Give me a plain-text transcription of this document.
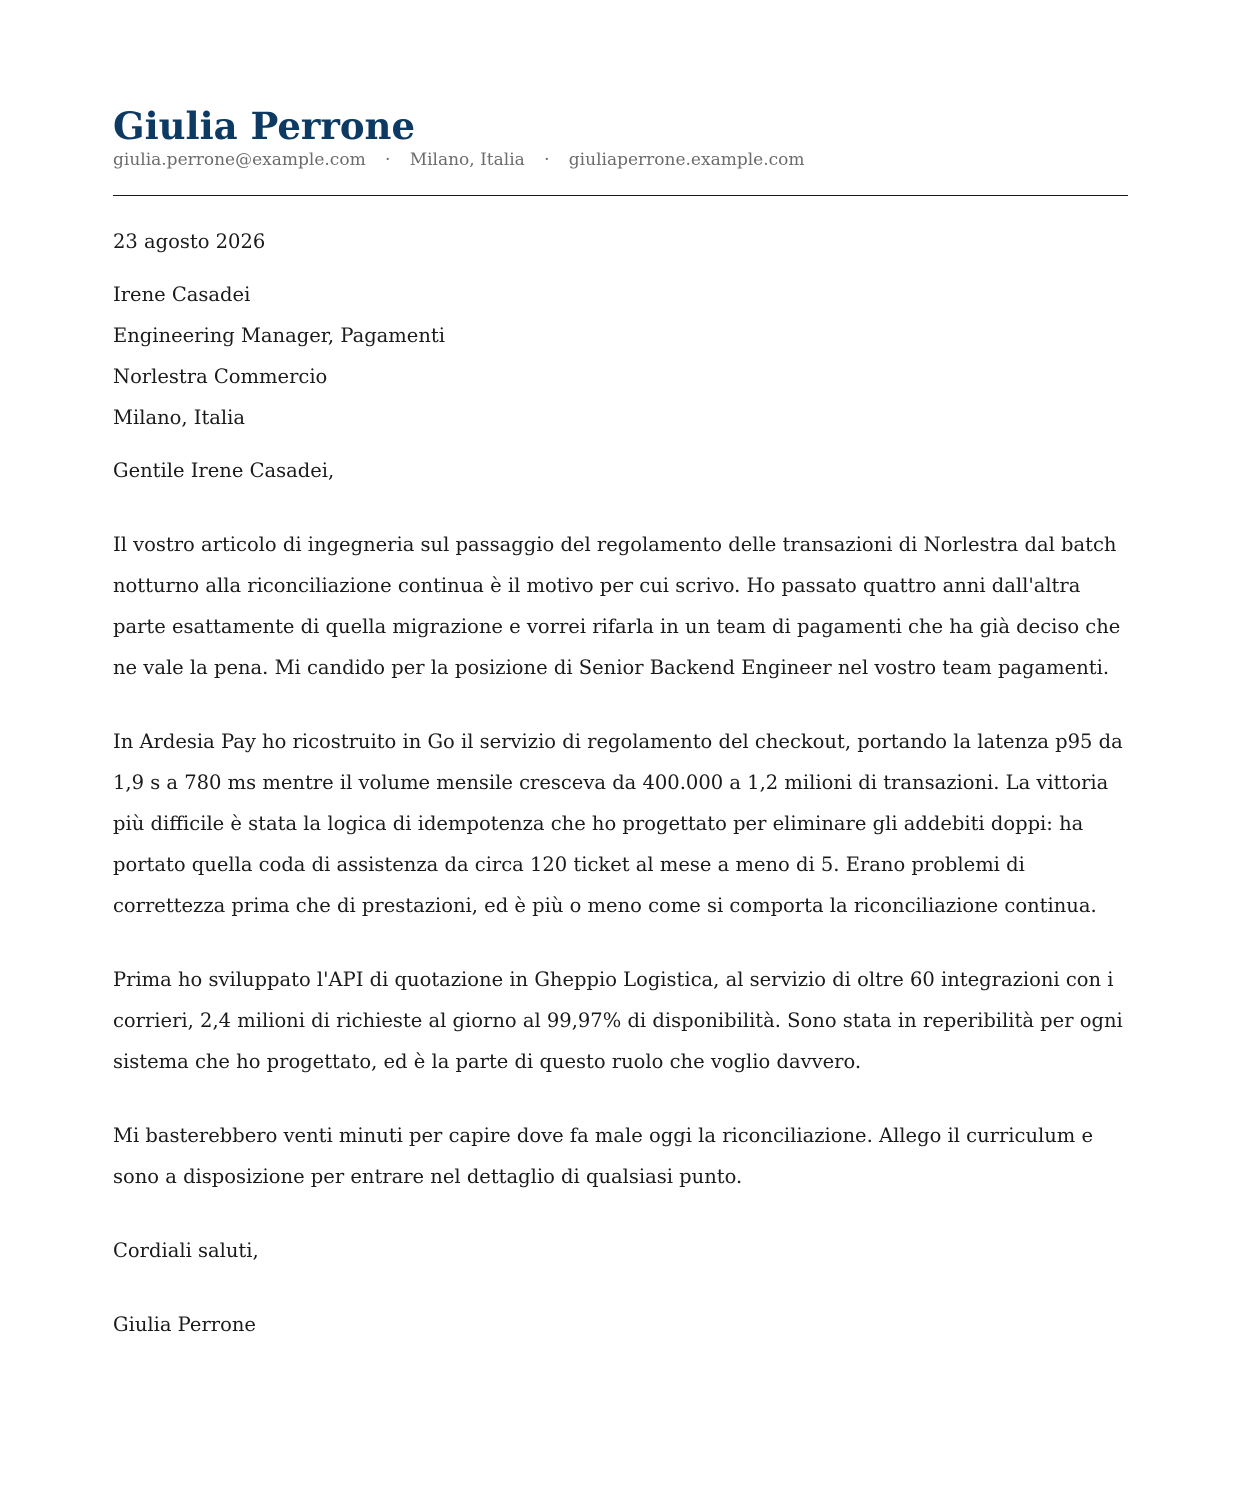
Giulia Perrone
giulia.perrone@example.com · Milano, Italia · giuliaperrone.example.com
23 agosto 2026
Irene Casadei
Engineering Manager, Pagamenti
Norlestra Commercio
Milano, Italia
Gentile Irene Casadei,

Il vostro articolo di ingegneria sul passaggio del regolamento delle transazioni di Norlestra dal batch notturno alla riconciliazione continua è il motivo per cui scrivo. Ho passato quattro anni dall'altra parte esattamente di quella migrazione e vorrei rifarla in un team di pagamenti che ha già deciso che ne vale la pena. Mi candido per la posizione di Senior Backend Engineer nel vostro team pagamenti.

In Ardesia Pay ho ricostruito in Go il servizio di regolamento del checkout, portando la latenza p95 da 1,9 s a 780 ms mentre il volume mensile cresceva da 400.000 a 1,2 milioni di transazioni. La vittoria più difficile è stata la logica di idempotenza che ho progettato per eliminare gli addebiti doppi: ha portato quella coda di assistenza da circa 120 ticket al mese a meno di 5. Erano problemi di correttezza prima che di prestazioni, ed è più o meno come si comporta la riconciliazione continua.

Prima ho sviluppato l'API di quotazione in Gheppio Logistica, al servizio di oltre 60 integrazioni con i corrieri, 2,4 milioni di richieste al giorno al 99,97% di disponibilità. Sono stata in reperibilità per ogni sistema che ho progettato, ed è la parte di questo ruolo che voglio davvero.

Mi basterebbero venti minuti per capire dove fa male oggi la riconciliazione. Allego il curriculum e sono a disposizione per entrare nel dettaglio di qualsiasi punto.

Cordiali saluti,
Giulia Perrone
